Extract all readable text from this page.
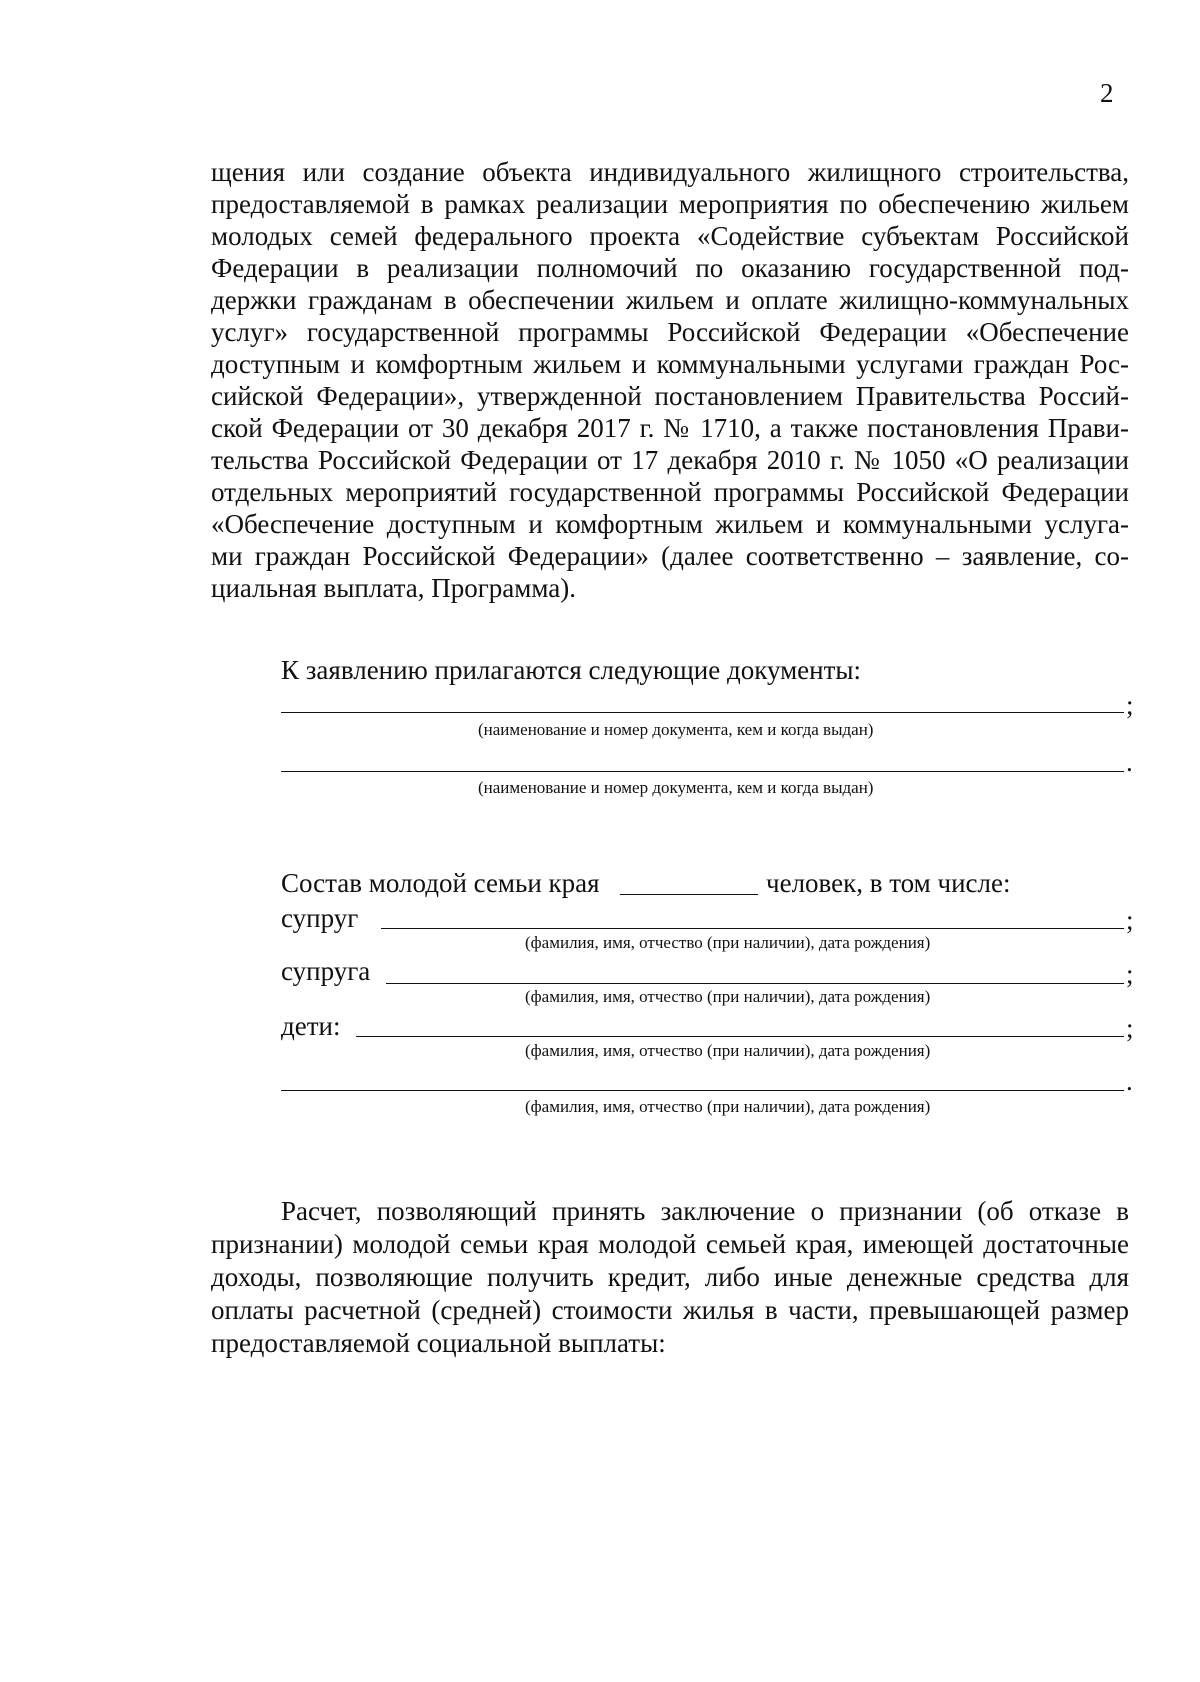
2
щения или создание объекта индивидуального жилищного строительства,
предоставляемой в рамках реализации мероприятия по обеспечению жильем
молодых семей федерального проекта «Содействие субъектам Российской
Федерации в реализации полномочий по оказанию государственной под-
держки гражданам в обеспечении жильем и оплате жилищно-коммунальных
услуг» государственной программы Российской Федерации «Обеспечение
доступным и комфортным жильем и коммунальными услугами граждан Рос-
сийской Федерации», утвержденной постановлением Правительства Россий-
ской Федерации от 30 декабря 2017 г. № 1710, а также постановления Прави-
тельства Российской Федерации от 17 декабря 2010 г. № 1050 «О реализации
отдельных мероприятий государственной программы Российской Федерации
«Обеспечение доступным и комфортным жильем и коммунальными услуга-
ми граждан Российской Федерации» (далее соответственно – заявление, со-
циальная выплата, Программа).
К заявлению прилагаются следующие документы:
;
(наименование и номер документа, кем и когда выдан)
.
(наименование и номер документа, кем и когда выдан)
Состав молодой семьи края	человек, в том числе:
супруг	;
(фамилия, имя, отчество (при наличии), дата рождения)
супруга	;
(фамилия, имя, отчество (при наличии), дата рождения)
дети:	;
(фамилия, имя, отчество (при наличии), дата рождения)
.
(фамилия, имя, отчество (при наличии), дата рождения)
Расчет, позволяющий принять заключение о признании (об отказе в
признании) молодой семьи края молодой семьей края, имеющей достаточные
доходы, позволяющие получить кредит, либо иные денежные средства для
оплаты расчетной (средней) стоимости жилья в части, превышающей размер
предоставляемой социальной выплаты:
